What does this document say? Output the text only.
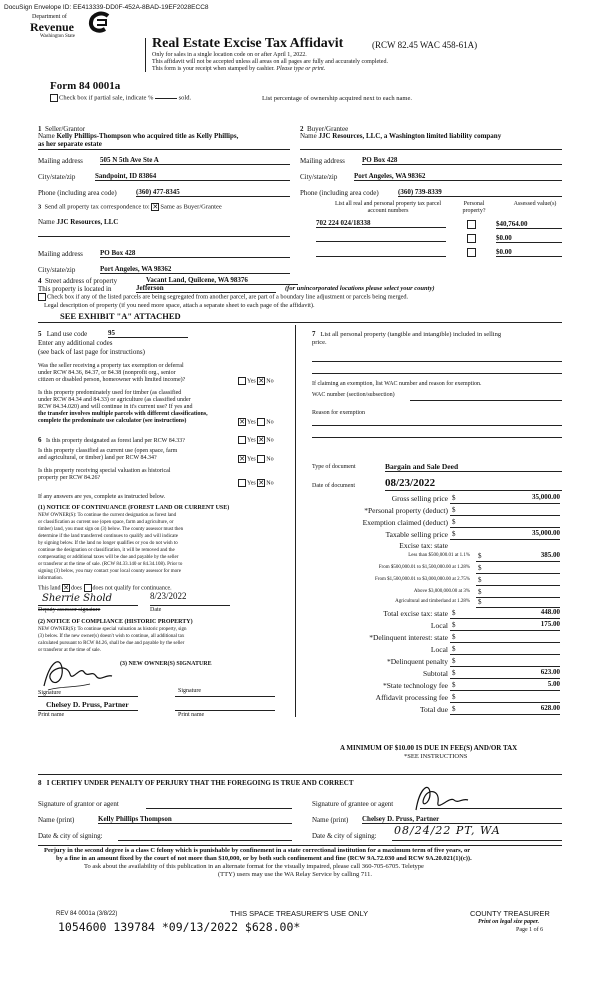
DocuSign Envelope ID: EE413339-DD0F-452A-8BAD-19EF2028ECC8
Department of
Revenue
Washington State	Real Estate Excise Tax Affidavit	(RCW 82.45 WAC 458-61A)
Only for sales in a single location code on or after April 1, 2022.
This affidavit will not be accepted unless all areas on all pages are fully and accurately completed.
This form is your receipt when stamped by cashier. Please type or print.
Form 84 0001a
Check box if partial sale, indicate %	sold.	List percentage of ownership acquired next to each name.
1 Seller/Grantor
Name Kelly Phillips-Thompson who acquired title as Kelly Phillips,
as her separate estate
Mailing address 505 N 5th Ave Ste A
City/state/zip	Sandpoint, ID 83864
Phone (including area code)	(360) 477-8345
2 Buyer/Grantee
Name JJC Resources, LLC, a Washington limited liability company
Mailing address PO Box 428
City/state/zip Port Angeles, WA 98362
Phone (including area code)	(360) 739-8339
3 Send all property tax correspondence to: ✕ Same as Buyer/Grantee
Name JJC Resources, LLC
Mailing address PO Box 428
City/state/zip	Port Angeles, WA 98362
List all real and personal property tax parcel account numbers
Personal property?
Assessed value(s)
702 224 024/18338	$40,764.00
$0.00
$0.00
4 Street address of property	Vacant Land, Quilcene, WA 98376
This property is located in	Jefferson	(for unincorporated locations please select your county)
Check box if any of the listed parcels are being segregated from another parcel, are part of a boundary line adjustment or parcels being merged.
Legal description of property (if you need more space, attach a separate sheet to each page of the affidavit).
SEE EXHIBIT "A" ATTACHED
5 Land use code	95
Enter any additional codes
(see back of last page for instructions)
Was the seller receiving a property tax exemption or deferral
under RCW 84.36, 84.37, or 84.38 (nonprofit org., senior
citizen or disabled person, homeowner with limited income)?	Yes ✕ No
Is this property predominately used for timber (as classified
under RCW 84.34 and 84.33) or agriculture (as classified under
RCW 84.34.020) and will continue in it's current use? If yes and
the transfer involves multiple parcels with different classifications,
complete the predominate use calculator (see instructions)	✕ Yes No
6 Is this property designated as forest land per RCW 84.33?	Yes ✕ No
Is this property classified as current use (open space, farm
and agricultural, or timber) land per RCW 84.34?	✕ Yes No
Is this property receiving special valuation as historical
property per RCW 84.26?
Yes ✕ No
If any answers are yes, complete as instructed below.
(1) NOTICE OF CONTINUANCE (FOREST LAND OR CURRENT USE)
NEW OWNER(S): To continue the current designation as forest land
or classification as current use (open space, farm and agriculture, or
timber) land, you must sign on (3) below. The county assessor must then
determine if the land transferred continues to qualify and will indicate
by signing below. If the land no longer qualifies or you do not wish to
continue the designation or classification, it will be removed and the
compensating or additional taxes will be due and payable by the seller
or transferor at the time of sale. (RCW 84.33.140 or 84.34.108). Prior to
signing (3) below, you may contact your local county assessor for more
information.
This land ✕ does does not qualify for continuance.
Sherrie Shold	8/23/2022
Deputy assessor signature	Date
(2) NOTICE OF COMPLIANCE (HISTORIC PROPERTY)
NEW OWNER(S): To continue special valuation as historic property, sign
(3) below. If the new owner(s) doesn't wish to continue, all additional tax
calculated pursuant to RCW 84.26, shall be due and payable by the seller
or transferor at the time of sale.
(3) NEW OWNER(S) SIGNATURE
Signature	Signature
Chelsey D. Pruss, Partner
Print name	Print name
7 List all personal property (tangible and intangible) included in selling
price.
If claiming an exemption, list WAC number and reason for exemption.
WAC number (section/subsection)
Reason for exemption
Type of document	Bargain and Sale Deed
Date of document	08/23/2022
Gross selling price $	35,000.00
*Personal property (deduct) $
Exemption claimed (deduct) $
Taxable selling price $	35,000.00
Excise tax: state
Less than $500,000.01 at 1.1% $	385.00
From $500,000.01 to $1,500,000.00 at 1.28% $
From $1,500,000.01 to $3,000,000.00 at 2.75% $
Above $3,000,000.00 at 3% $
Agricultural and timberland at 1.28% $
Total excise tax: state $	448.00
Local $	175.00
*Delinquent interest: state $
Local $
*Delinquent penalty $
Subtotal $	623.00
*State technology fee $	5.00
Affidavit processing fee $
Total due $	628.00
A MINIMUM OF $10.00 IS DUE IN FEE(S) AND/OR TAX
*SEE INSTRUCTIONS
8 I CERTIFY UNDER PENALTY OF PERJURY THAT THE FOREGOING IS TRUE AND CORRECT
Signature of grantor or agent	Signature of grantee or agent
Name (print)	Kelly Phillips Thompson	Name (print) Chelsey D. Pruss, Partner
Date & city of signing:	Date & city of signing: 08/24/22 PT, WA
Perjury in the second degree is a class C felony which is punishable by confinement in a state correctional institution for a maximum term of five years, or
by a fine in an amount fixed by the court of not more than $10,000, or by both such confinement and fine (RCW 9A.72.030 and RCW 9A.20.021(1)(c)).
To ask about the availability of this publication in an alternate format for the visually impaired, please call 360-705-6705. Teletype
(TTY) users may use the WA Relay Service by calling 711.
REV 84 0001a (3/8/22)	THIS SPACE TREASURER'S USE ONLY	COUNTY TREASURER
Print on legal size paper.
Page 1 of 6
1054600 139784 *09/13/2022 $628.00*
